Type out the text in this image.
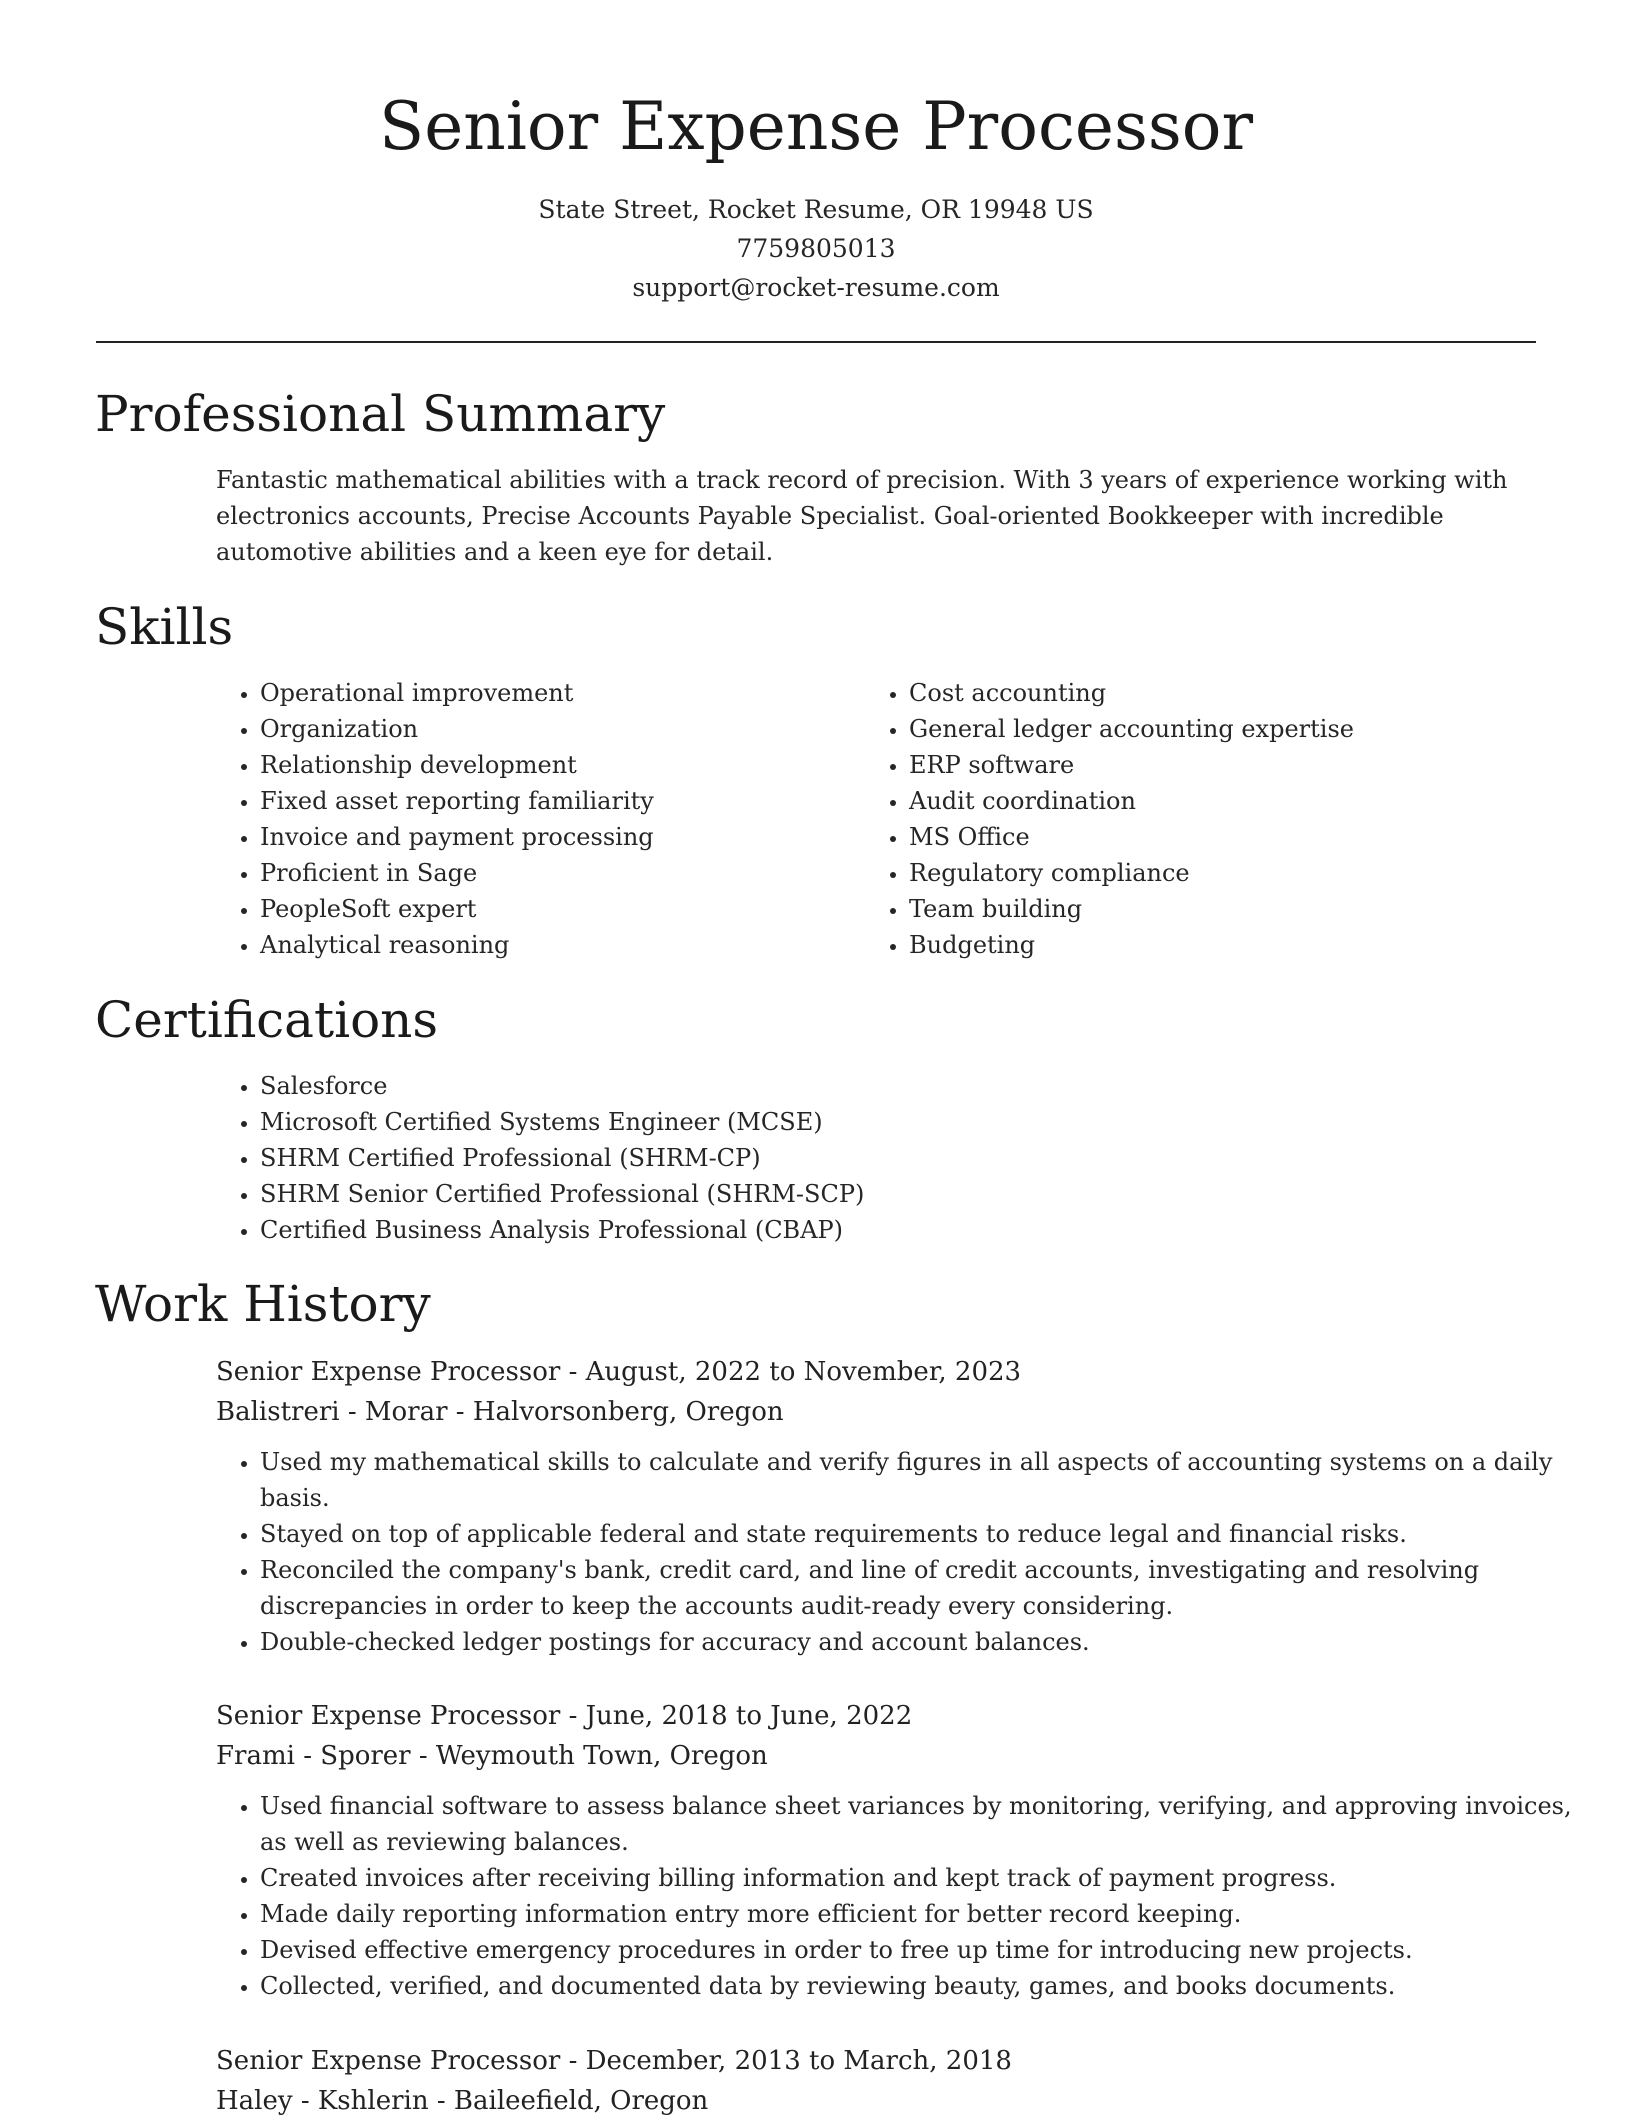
Senior Expense Processor
State Street, Rocket Resume, OR 19948 US
7759805013
support@rocket-resume.com
Professional Summary

Fantastic mathematical abilities with a track record of precision. With 3 years of experience working with electronics accounts, Precise Accounts Payable Specialist. Goal-oriented Bookkeeper with incredible automotive abilities and a keen eye for detail.

Skills
• Operational improvement
• Organization
• Relationship development
• Fixed asset reporting familiarity
• Invoice and payment processing
• Proficient in Sage
• PeopleSoft expert
• Analytical reasoning
• Cost accounting
• General ledger accounting expertise
• ERP software
• Audit coordination
• MS Office
• Regulatory compliance
• Team building
• Budgeting
Certifications
• Salesforce
• Microsoft Certified Systems Engineer (MCSE)
• SHRM Certified Professional (SHRM-CP)
• SHRM Senior Certified Professional (SHRM-SCP)
• Certified Business Analysis Professional (CBAP)
Work History
Senior Expense Processor - August, 2022 to November, 2023
Balistreri - Morar - Halvorsonberg, Oregon
• Used my mathematical skills to calculate and verify figures in all aspects of accounting systems on a daily basis.
• Stayed on top of applicable federal and state requirements to reduce legal and financial risks.
• Reconciled the company's bank, credit card, and line of credit accounts, investigating and resolving discrepancies in order to keep the accounts audit-ready every considering.
• Double-checked ledger postings for accuracy and account balances.
Senior Expense Processor - June, 2018 to June, 2022
Frami - Sporer - Weymouth Town, Oregon
• Used financial software to assess balance sheet variances by monitoring, verifying, and approving invoices, as well as reviewing balances.
• Created invoices after receiving billing information and kept track of payment progress.
• Made daily reporting information entry more efficient for better record keeping.
• Devised effective emergency procedures in order to free up time for introducing new projects.
• Collected, verified, and documented data by reviewing beauty, games, and books documents.
Senior Expense Processor - December, 2013 to March, 2018
Haley - Kshlerin - Baileefield, Oregon
